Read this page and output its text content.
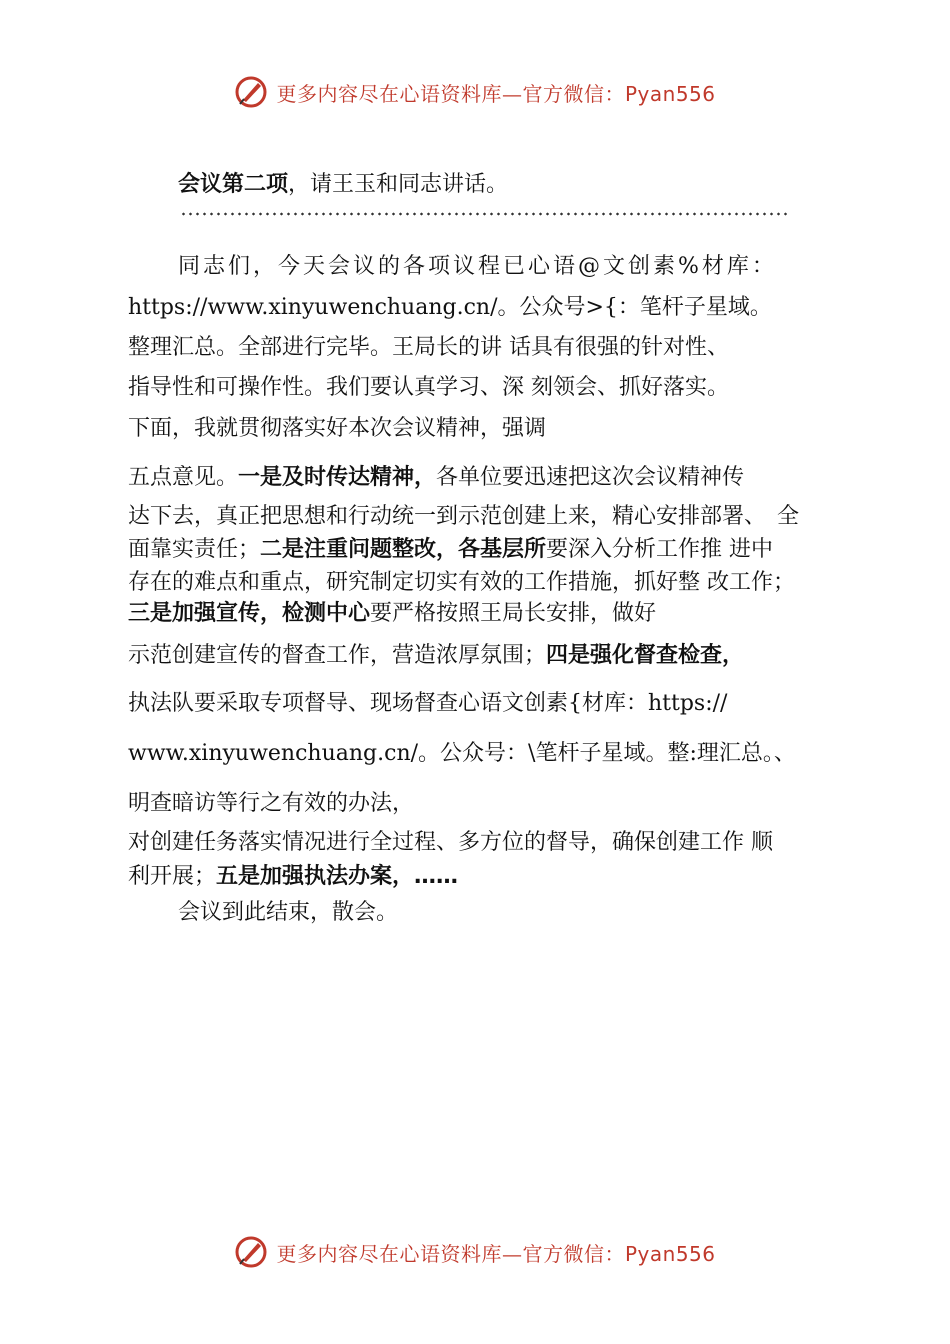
更多内容尽在心语资料库—官方微信：Pyan556
会议第二项，请王玉和同志讲话。
同志们，今天会议的各项议程已心语@文创素%材库：
https://www.xinyuwenchuang.cn/。公众号>{：笔杆子星域。
整理汇总。全部进行完毕。王局长的讲 话具有很强的针对性、
指导性和可操作性。我们要认真学习、深 刻领会、抓好落实。
下面，我就贯彻落实好本次会议精神，强调
五点意见。一是及时传达精神，各单位要迅速把这次会议精神传
达下去，真正把思想和行动统一到示范创建上来，精心安排部署、　全
面靠实责任；二是注重问题整改，各基层所要深入分析工作推 进中
存在的难点和重点，研究制定切实有效的工作措施，抓好整 改工作；
三是加强宣传，检测中心要严格按照王局长安排，做好
示范创建宣传的督查工作，营造浓厚氛围；四是强化督查检查，
执法队要采取专项督导、现场督查心语文创素{材库：https://
www.xinyuwenchuang.cn/。公众号：\笔杆子星域。整:理汇总。、
明查暗访等行之有效的办法，
对创建任务落实情况进行全过程、多方位的督导，确保创建工作 顺
利开展；五是加强执法办案，……
会议到此结束，散会。
更多内容尽在心语资料库—官方微信：Pyan556
